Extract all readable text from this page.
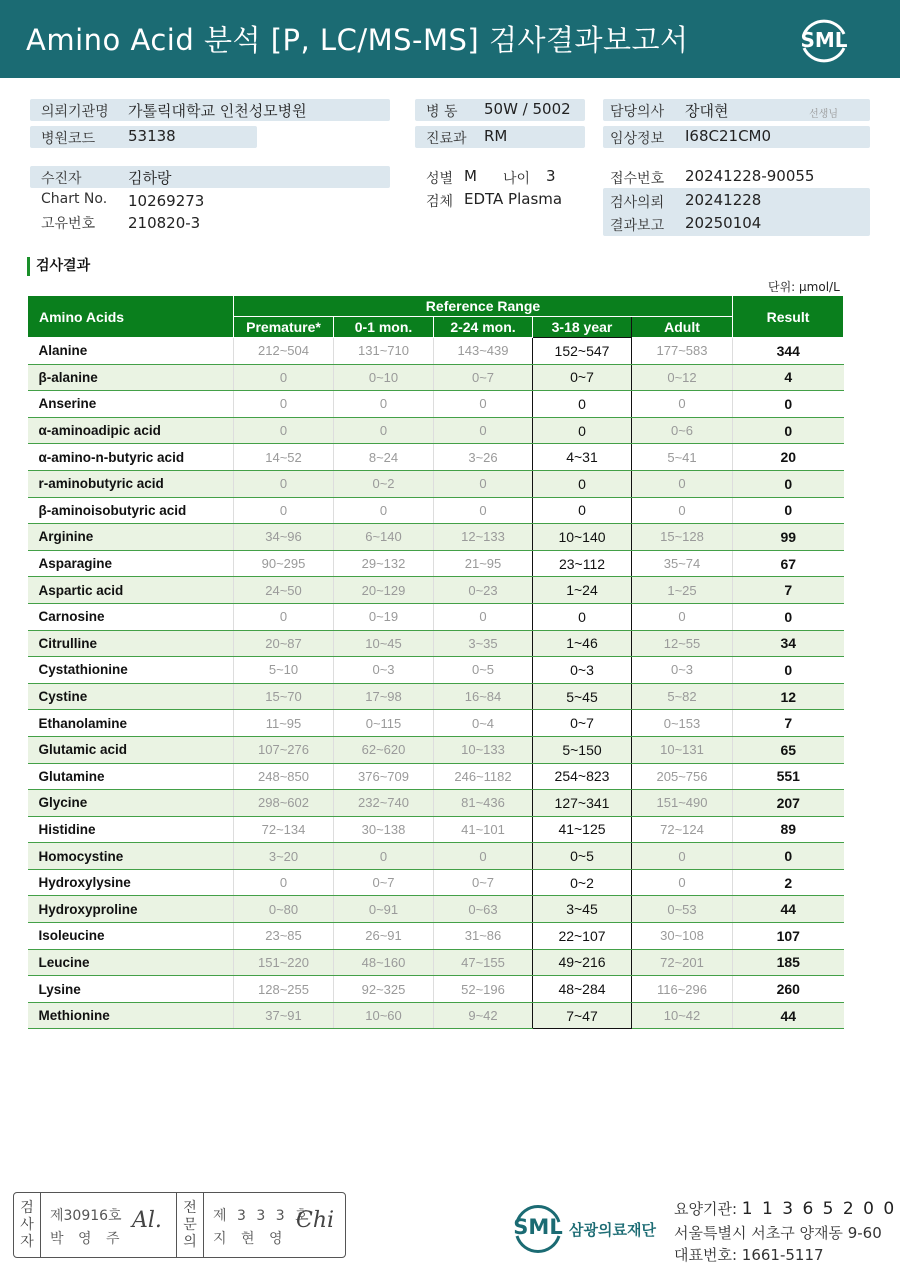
Amino Acid 분석 [P, LC/MS-MS] 검사결과보고서	SML
의뢰기관명 가톨릭대학교 인천성모병원
병원코드 53138
병 동 50W / 5002
진료과 RM
담당의사 장대현	선생님
임상정보 I68C21CM0
수진자	김하랑
Chart No. 10269273
고유번호 210820-3
성별 M 나이 3
검체 EDTA Plasma
접수번호 20241228-90055
검사의뢰 20241228
결과보고 20250104
검사결과
단위: μmol/L
Amino Acids	Reference Range					Result
	Premature*	0-1 mon.	2-24 mon.	3-18 year	Adult	
Alanine	212~504	131~710	143~439	152~547	177~583	344
β-alanine	0	0~10	0~7	0~7	0~12	4
Anserine	0	0	0	0	0	0
α-aminoadipic acid	0	0	0	0	0~6	0
α-amino-n-butyric acid	14~52	8~24	3~26	4~31	5~41	20
r-aminobutyric acid	0	0~2	0	0	0	0
β-aminoisobutyric acid	0	0	0	0	0	0
Arginine	34~96	6~140	12~133	10~140	15~128	99
Asparagine	90~295	29~132	21~95	23~112	35~74	67
Aspartic acid	24~50	20~129	0~23	1~24	1~25	7
Carnosine	0	0~19	0	0	0	0
Citrulline	20~87	10~45	3~35	1~46	12~55	34
Cystathionine	5~10	0~3	0~5	0~3	0~3	0
Cystine	15~70	17~98	16~84	5~45	5~82	12
Ethanolamine	11~95	0~115	0~4	0~7	0~153	7
Glutamic acid	107~276	62~620	10~133	5~150	10~131	65
Glutamine	248~850	376~709	246~1182	254~823	205~756	551
Glycine	298~602	232~740	81~436	127~341	151~490	207
Histidine	72~134	30~138	41~101	41~125	72~124	89
Homocystine	3~20	0	0	0~5	0	0
Hydroxylysine	0	0~7	0~7	0~2	0	2
Hydroxyproline	0~80	0~91	0~63	3~45	0~53	44
Isoleucine	23~85	26~91	31~86	22~107	30~108	107
Leucine	151~220	48~160	47~155	49~216	72~201	185
Lysine	128~255	92~325	52~196	48~284	116~296	260
Methionine	37~91	10~60	9~42	7~47	10~42	44
검
사
자
제30916호
박 영 주
Al. 전
문
의
제 3 3 3 호
지 현 영
Chi	SML 삼광의료재단
요양기관: 1 1 3 6 5 2 0 0
서울특별시 서초구 양재동 9-60
대표번호: 1661-5117
